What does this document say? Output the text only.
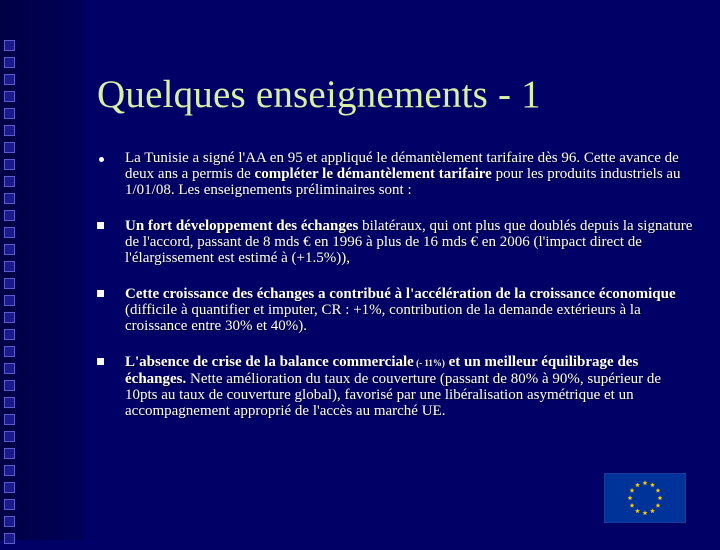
Quelques enseignements - 1
La Tunisie a signé l'AA en 95 et appliqué le démantèlement tarifaire dès 96. Cette avance de deux ans a permis de compléter le démantèlement tarifaire pour les produits industriels au 1/01/08. Les enseignements préliminaires sont :
Un fort développement des échanges bilatéraux, qui ont plus que doublés depuis la signature de l'accord, passant de 8 mds € en 1996 à plus de 16 mds € en 2006 (l'impact direct de l'élargissement est estimé à (+1.5%)),
Cette croissance des échanges a contribué à l'accélération de la croissance économique (difficile à quantifier et imputer, CR : +1%, contribution de la demande extérieurs à la croissance entre 30% et 40%).
L'absence de crise de la balance commerciale (- 11%) et un meilleur équilibrage des échanges. Nette amélioration du taux de couverture (passant de 80% à 90%, supérieur de 10pts au taux de couverture global), favorisé par une libéralisation asymétrique et un accompagnement approprié de l'accès au marché UE.
